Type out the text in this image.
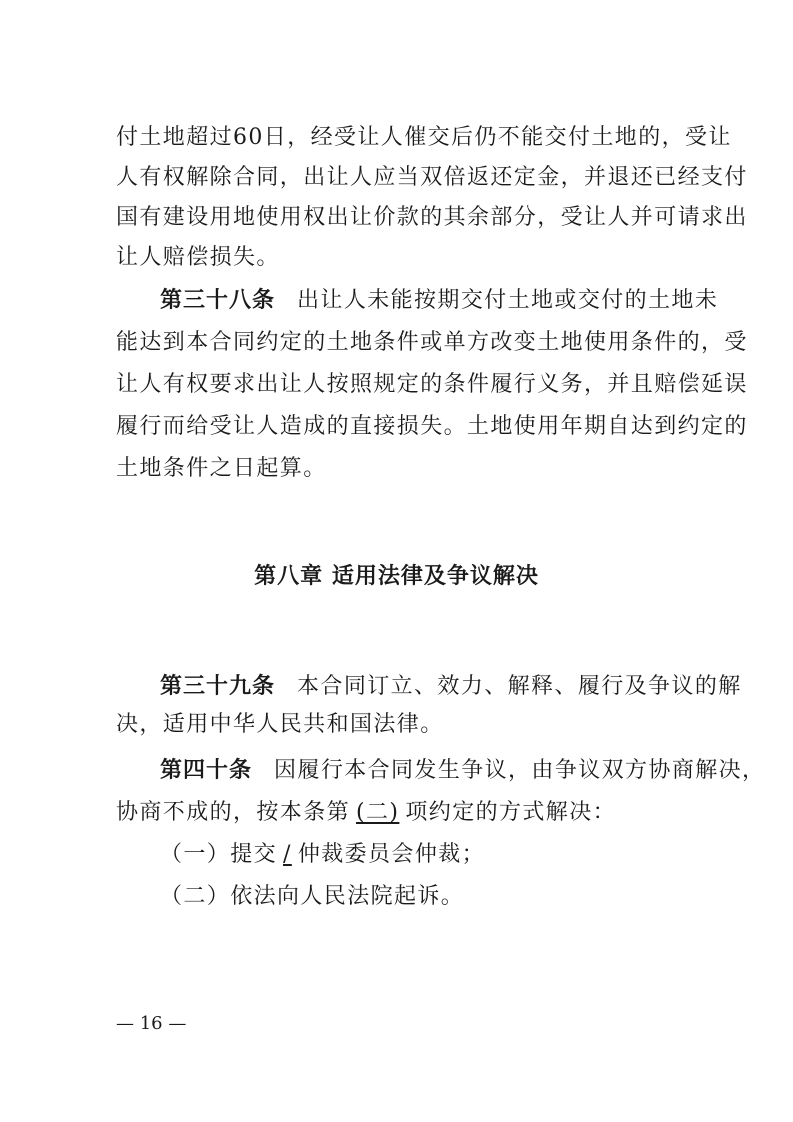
付土地超过60日，经受让人催交后仍不能交付土地的，受让
人有权解除合同，出让人应当双倍返还定金，并退还已经支付
国有建设用地使用权出让价款的其余部分，受让人并可请求出
让人赔偿损失。
第三十八条 出让人未能按期交付土地或交付的土地未
能达到本合同约定的土地条件或单方改变土地使用条件的，受
让人有权要求出让人按照规定的条件履行义务，并且赔偿延误
履行而给受让人造成的直接损失。土地使用年期自达到约定的
土地条件之日起算。
第八章 适用法律及争议解决
第三十九条 本合同订立、效力、解释、履行及争议的解
决，适用中华人民共和国法律。
第四十条 因履行本合同发生争议，由争议双方协商解决，
协商不成的，按本条第 (二) 项约定的方式解决：
（一）提交 / 仲裁委员会仲裁；
（二）依法向人民法院起诉。
— 16 —
